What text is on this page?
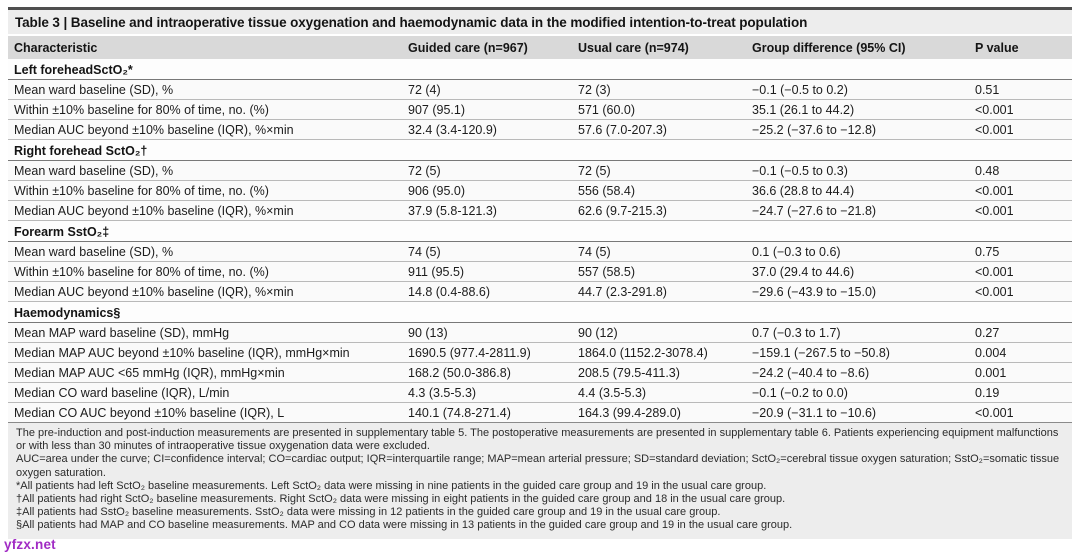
Table 3 | Baseline and intraoperative tissue oxygenation and haemodynamic data in the modified intention-to-treat population
Characteristic	Guided care (n=967)	Usual care (n=974)	Group difference (95% CI)	P value
Left foreheadSctO₂*				
Mean ward baseline (SD), %	72 (4)	72 (3)	−0.1 (−0.5 to 0.2)	0.51
Within ±10% baseline for 80% of time, no. (%)	907 (95.1)	571 (60.0)	35.1 (26.1 to 44.2)	<0.001
Median AUC beyond ±10% baseline (IQR), %×min	32.4 (3.4-120.9)	57.6 (7.0-207.3)	−25.2 (−37.6 to −12.8)	<0.001
Right forehead SctO₂†				
Mean ward baseline (SD), %	72 (5)	72 (5)	−0.1 (−0.5 to 0.3)	0.48
Within ±10% baseline for 80% of time, no. (%)	906 (95.0)	556 (58.4)	36.6 (28.8 to 44.4)	<0.001
Median AUC beyond ±10% baseline (IQR), %×min	37.9 (5.8-121.3)	62.6 (9.7-215.3)	−24.7 (−27.6 to −21.8)	<0.001
Forearm SstO₂‡				
Mean ward baseline (SD), %	74 (5)	74 (5)	0.1 (−0.3 to 0.6)	0.75
Within ±10% baseline for 80% of time, no. (%)	911 (95.5)	557 (58.5)	37.0 (29.4 to 44.6)	<0.001
Median AUC beyond ±10% baseline (IQR), %×min	14.8 (0.4-88.6)	44.7 (2.3-291.8)	−29.6 (−43.9 to −15.0)	<0.001
Haemodynamics§				
Mean MAP ward baseline (SD), mmHg	90 (13)	90 (12)	0.7 (−0.3 to 1.7)	0.27
Median MAP AUC beyond ±10% baseline (IQR), mmHg×min	1690.5 (977.4-2811.9)	1864.0 (1152.2-3078.4)	−159.1 (−267.5 to −50.8)	0.004
Median MAP AUC <65 mmHg (IQR), mmHg×min	168.2 (50.0-386.8)	208.5 (79.5-411.3)	−24.2 (−40.4 to −8.6)	0.001
Median CO ward baseline (IQR), L/min	4.3 (3.5-5.3)	4.4 (3.5-5.3)	−0.1 (−0.2 to 0.0)	0.19
Median CO AUC beyond ±10% baseline (IQR), L	140.1 (74.8-271.4)	164.3 (99.4-289.0)	−20.9 (−31.1 to −10.6)	<0.001
The pre-induction and post-induction measurements are presented in supplementary table 5. The postoperative measurements are presented in supplementary table 6. Patients experiencing equipment malfunctions or with less than 30 minutes of intraoperative tissue oxygenation data were excluded.
AUC=area under the curve; CI=confidence interval; CO=cardiac output; IQR=interquartile range; MAP=mean arterial pressure; SD=standard deviation; SctO₂=cerebral tissue oxygen saturation; SstO₂=somatic tissue oxygen saturation.
*All patients had left SctO₂ baseline measurements. Left SctO₂ data were missing in nine patients in the guided care group and 19 in the usual care group.
†All patients had right SctO₂ baseline measurements. Right SctO₂ data were missing in eight patients in the guided care group and 18 in the usual care group.
‡All patients had SstO₂ baseline measurements. SstO₂ data were missing in 12 patients in the guided care group and 19 in the usual care group.
§All patients had MAP and CO baseline measurements. MAP and CO data were missing in 13 patients in the guided care group and 19 in the usual care group.
yfzx.net
